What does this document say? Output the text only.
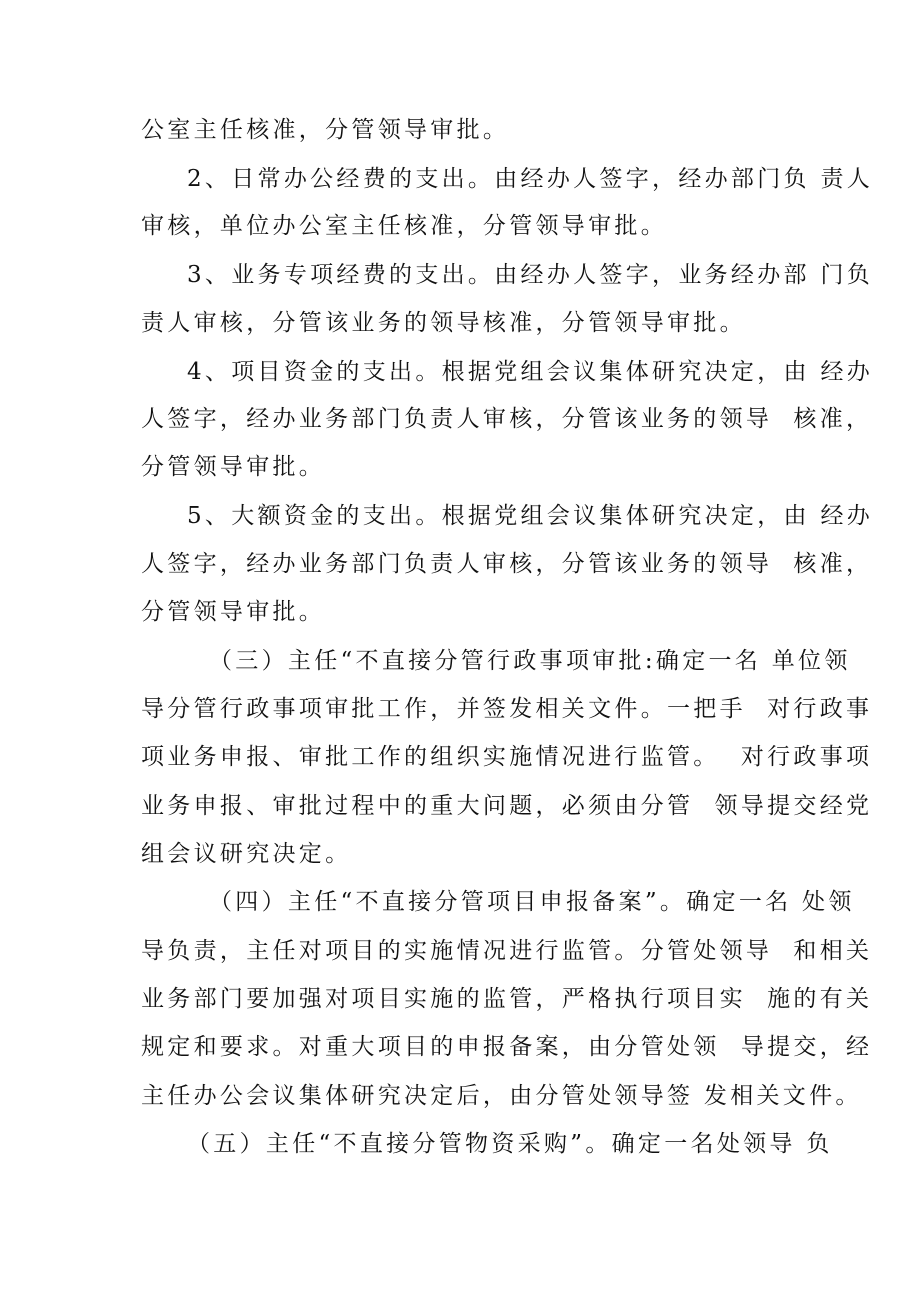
公室主任核准，分管领导审批。
2、日常办公经费的支出。由经办人签字，经办部门负 责人
审核，单位办公室主任核准，分管领导审批。
3、业务专项经费的支出。由经办人签字，业务经办部 门负
责人审核，分管该业务的领导核准，分管领导审批。
4、项目资金的支出。根据党组会议集体研究决定，由 经办
人签字，经办业务部门负责人审核，分管该业务的领导  核准，
分管领导审批。
5、大额资金的支出。根据党组会议集体研究决定，由 经办
人签字，经办业务部门负责人审核，分管该业务的领导  核准，
分管领导审批。
（三）主任“不直接分管行政事项审批:确定一名 单位领
导分管行政事项审批工作，并签发相关文件。一把手  对行政事
项业务申报、审批工作的组织实施情况进行监管。  对行政事项
业务申报、审批过程中的重大问题，必须由分管  领导提交经党
组会议研究决定。
（四）主任“不直接分管项目申报备案”。确定一名 处领
导负责，主任对项目的实施情况进行监管。分管处领导  和相关
业务部门要加强对项目实施的监管，严格执行项目实  施的有关
规定和要求。对重大项目的申报备案，由分管处领  导提交，经
主任办公会议集体研究决定后，由分管处领导签 发相关文件。
（五）主任“不直接分管物资采购”。确定一名处领导 负
